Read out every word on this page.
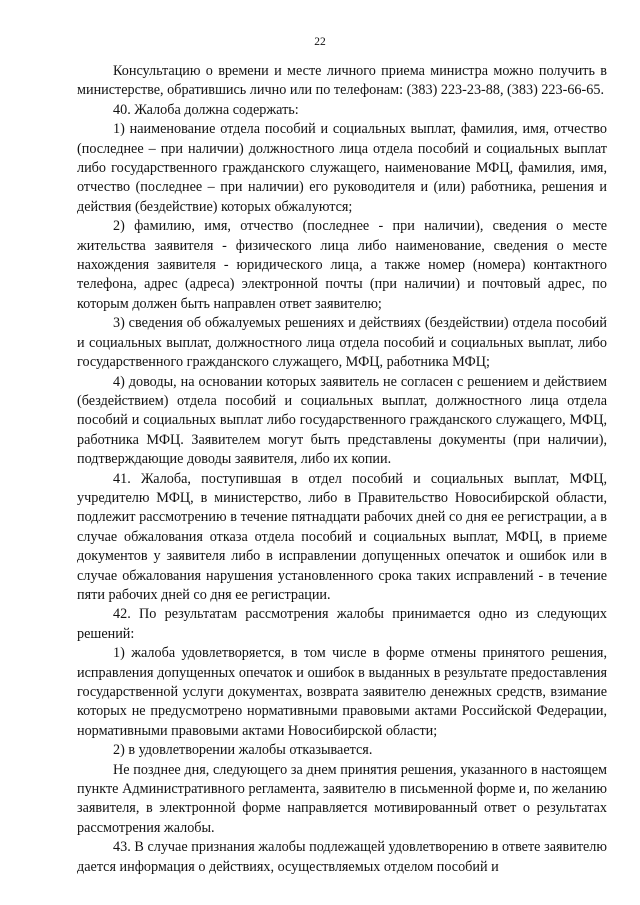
22

Консультацию о времени и месте личного приема министра можно получить в министерстве, обратившись лично или по телефонам: (383) 223-23-88, (383) 223-66-65.

40. Жалоба должна содержать:

1) наименование отдела пособий и социальных выплат, фамилия, имя, отчество (последнее – при наличии) должностного лица отдела пособий и социальных выплат либо государственного гражданского служащего, наименование МФЦ, фамилия, имя, отчество (последнее – при наличии) его руководителя и (или) работника, решения и действия (бездействие) которых обжалуются;

2) фамилию, имя, отчество (последнее - при наличии), сведения о месте жительства заявителя - физического лица либо наименование, сведения о месте нахождения заявителя - юридического лица, а также номер (номера) контактного телефона, адрес (адреса) электронной почты (при наличии) и почтовый адрес, по которым должен быть направлен ответ заявителю;

3) сведения об обжалуемых решениях и действиях (бездействии) отдела пособий и социальных выплат, должностного лица отдела пособий и социальных выплат, либо государственного гражданского служащего, МФЦ, работника МФЦ;

4) доводы, на основании которых заявитель не согласен с решением и действием (бездействием) отдела пособий и социальных выплат, должностного лица отдела пособий и социальных выплат либо государственного гражданского служащего, МФЦ, работника МФЦ. Заявителем могут быть представлены документы (при наличии), подтверждающие доводы заявителя, либо их копии.

41. Жалоба, поступившая в отдел пособий и социальных выплат, МФЦ, учредителю МФЦ, в министерство, либо в Правительство Новосибирской области, подлежит рассмотрению в течение пятнадцати рабочих дней со дня ее регистрации, а в случае обжалования отказа отдела пособий и социальных выплат, МФЦ, в приеме документов у заявителя либо в исправлении допущенных опечаток и ошибок или в случае обжалования нарушения установленного срока таких исправлений - в течение пяти рабочих дней со дня ее регистрации.

42. По результатам рассмотрения жалобы принимается одно из следующих решений:

1) жалоба удовлетворяется, в том числе в форме отмены принятого решения, исправления допущенных опечаток и ошибок в выданных в результате предоставления государственной услуги документах, возврата заявителю денежных средств, взимание которых не предусмотрено нормативными правовыми актами Российской Федерации, нормативными правовыми актами Новосибирской области;

2) в удовлетворении жалобы отказывается.

Не позднее дня, следующего за днем принятия решения, указанного в настоящем пункте Административного регламента, заявителю в письменной форме и, по желанию заявителя, в электронной форме направляется мотивированный ответ о результатах рассмотрения жалобы.

43. В случае признания жалобы подлежащей удовлетворению в ответе заявителю дается информация о действиях, осуществляемых отделом пособий и
